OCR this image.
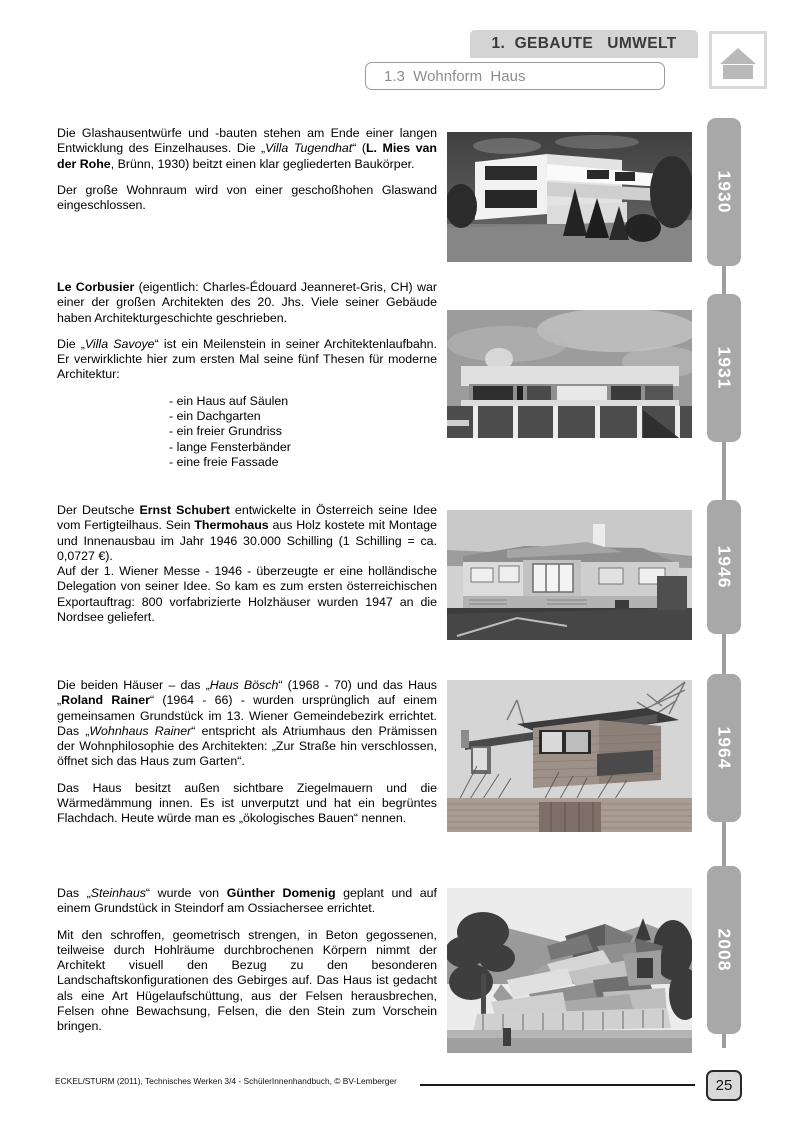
1.  GEBAUTE   UMWELT
1.3  Wohnform  Haus

Die Glashausentwürfe und -bauten stehen am Ende einer langen Entwicklung des Einzelhauses. Die „Villa Tugendhat“ (L. Mies van der Rohe, Brünn, 1930) beitzt einen klar gegliederten Baukörper.

Der große Wohnraum wird von einer geschoßhohen Glaswand eingeschlossen.

Le Corbusier (eigentlich: Charles-Édouard Jeanneret-Gris, CH) war einer der großen Architekten des 20. Jhs. Viele seiner Gebäude haben Architekturgeschichte geschrieben.

Die „Villa Savoye“ ist ein Meilenstein in seiner Architektenlaufbahn. Er verwirklichte hier zum ersten Mal seine fünf Thesen für moderne Architektur:

- ein Haus auf Säulen
- ein Dachgarten
- ein freier Grundriss
- lange Fensterbänder
- eine freie Fassade

Der Deutsche Ernst Schubert entwickelte in Österreich seine Idee vom Fertigteilhaus. Sein Thermohaus aus Holz kostete mit Montage und Innenausbau im Jahr 1946 30.000 Schilling (1 Schilling = ca. 0,0727 €).

Auf der 1. Wiener Messe - 1946 - überzeugte er eine holländische Delegation von seiner Idee. So kam es zum ersten österreichischen Exportauftrag: 800 vorfabrizierte Holzhäuser wurden 1947 an die Nordsee geliefert.

Die beiden Häuser – das „Haus Bösch“ (1968 - 70) und das Haus „Roland Rainer“ (1964 - 66) - wurden ursprünglich auf einem gemeinsamen Grundstück im 13. Wiener Gemeindebezirk errichtet. Das „Wohnhaus Rainer“ entspricht als Atriumhaus den Prämissen der Wohnphilosophie des Architekten: „Zur Straße hin verschlossen, öffnet sich das Haus zum Garten“.

Das Haus besitzt außen sichtbare Ziegelmauern und die Wärmedämmung innen. Es ist unverputzt und hat ein begrüntes Flachdach. Heute würde man es „ökologisches Bauen“ nennen.

Das „Steinhaus“ wurde von Günther Domenig geplant und auf einem Grundstück in Steindorf am Ossiachersee errichtet.

Mit den schroffen, geometrisch strengen, in Beton gegossenen, teilweise durch Hohlräume durchbrochenen Körpern nimmt der Architekt visuell den Bezug zu den besonderen Landschaftskonfigurationen des Gebirges auf. Das Haus ist gedacht als eine Art Hügelaufschüttung, aus der Felsen herausbrechen, Felsen ohne Bewachsung, Felsen, die den Stein zum Vorschein bringen.

1930
1931
1946
1964
2008
ECKEL/STURM (2011), Technisches Werken 3/4 - SchülerInnenhandbuch, © BV-Lemberger	25
